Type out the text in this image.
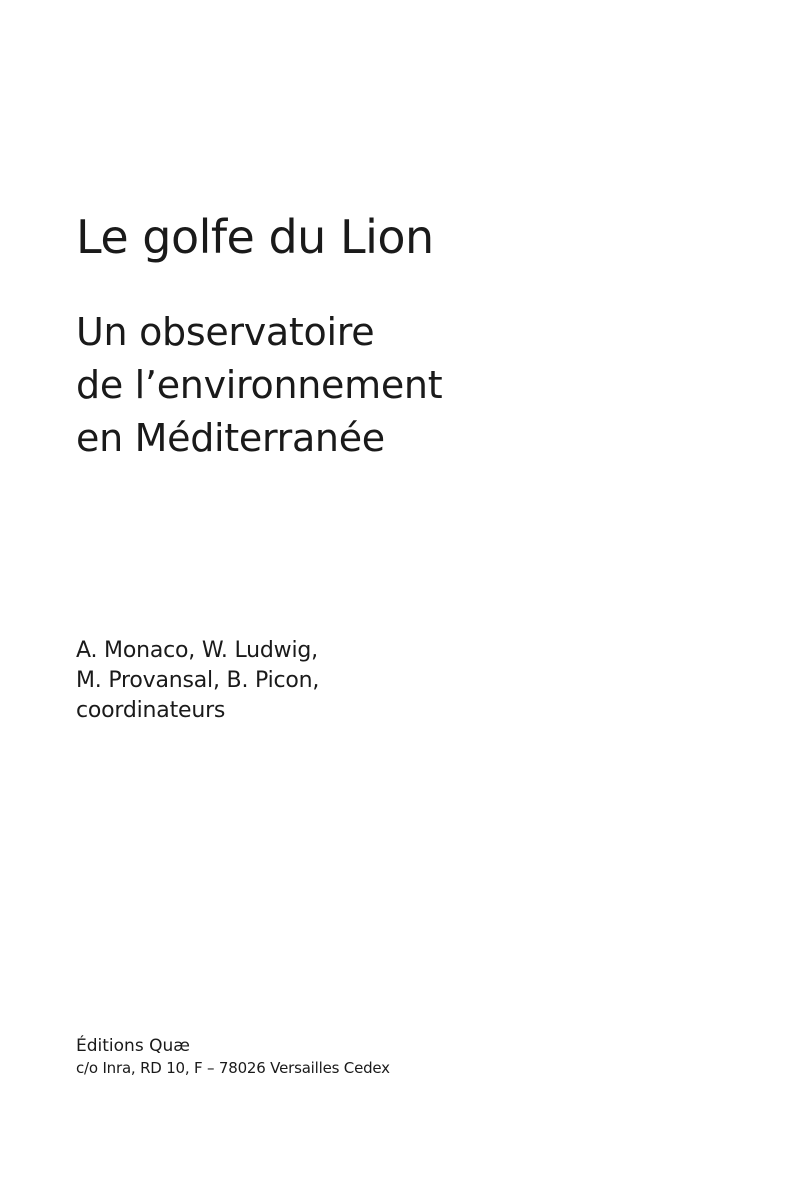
Le golfe du Lion
Un observatoire
de l’environnement
en Méditerranée
A. Monaco, W. Ludwig,
M. Provansal, B. Picon,
coordinateurs
Éditions Quæ
c/o Inra, RD 10, F – 78026 Versailles Cedex
